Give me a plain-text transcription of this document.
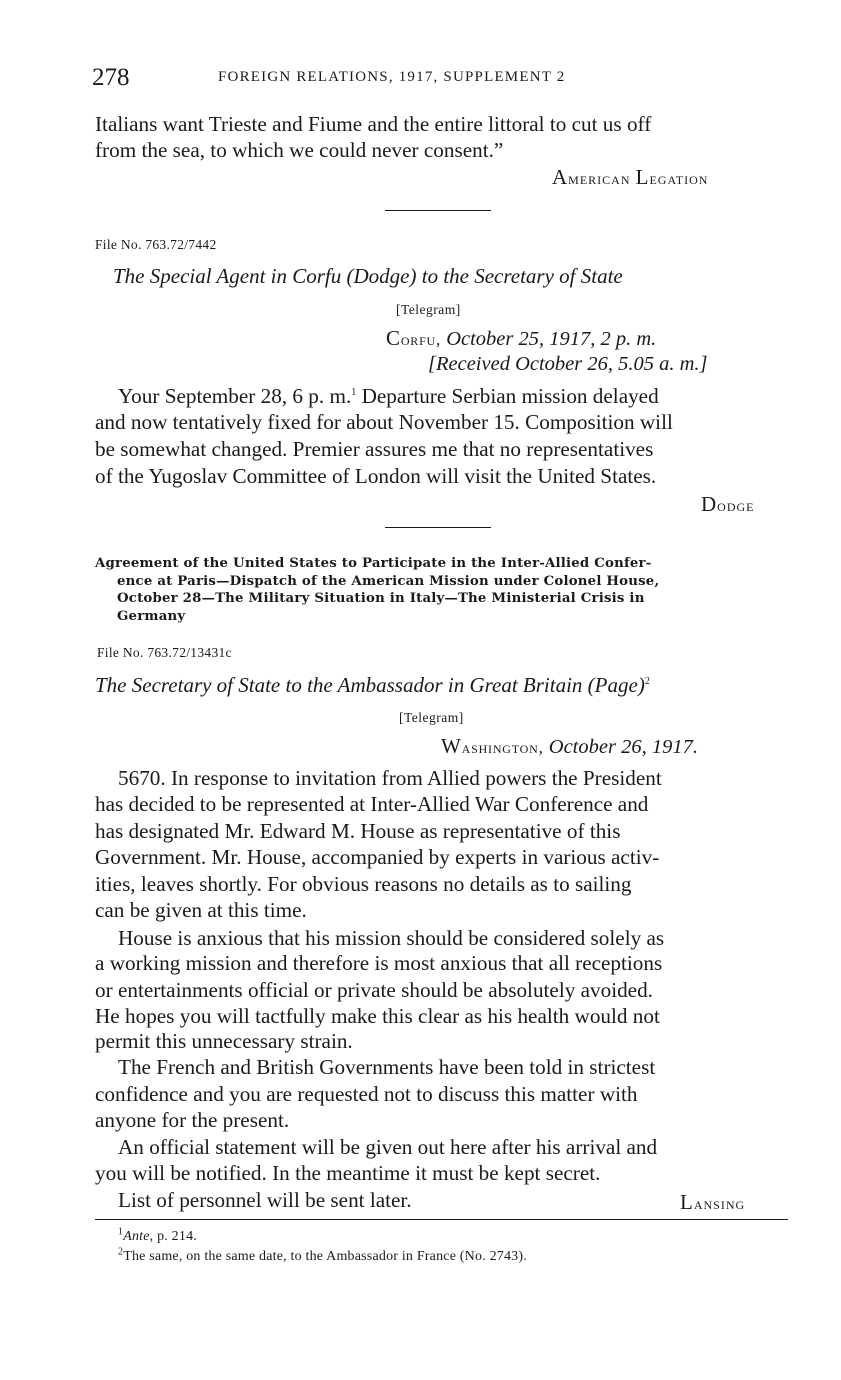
278	FOREIGN RELATIONS, 1917, SUPPLEMENT 2
Italians want Trieste and Fiume and the entire littoral to cut us off
from the sea, to which we could never consent.”
American Legation
File No. 763.72/7442
The Special Agent in Corfu (Dodge) to the Secretary of State
[Telegram]
Corfu, October 25, 1917, 2 p. m.
[Received October 26, 5.05 a. m.]
Your September 28, 6 p. m.$^1$ Departure Serbian mission delayed
and now tentatively fixed for about November 15. Composition will
be somewhat changed. Premier assures me that no representatives
of the Yugoslav Committee of London will visit the United States.
Dodge
Agreement of the United States to Participate in the Inter-Allied Confer-
ence at Paris—Dispatch of the American Mission under Colonel House,
October 28—The Military Situation in Italy—The Ministerial Crisis in
Germany
File No. 763.72/13431c
The Secretary of State to the Ambassador in Great Britain (Page)$^2$
[Telegram]
Washington, October 26, 1917.
5670. In response to invitation from Allied powers the President
has decided to be represented at Inter-Allied War Conference and
has designated Mr. Edward M. House as representative of this
Government. Mr. House, accompanied by experts in various activ-
ities, leaves shortly. For obvious reasons no details as to sailing
can be given at this time.
House is anxious that his mission should be considered solely as
a working mission and therefore is most anxious that all receptions
or entertainments official or private should be absolutely avoided.
He hopes you will tactfully make this clear as his health would not
permit this unnecessary strain.
The French and British Governments have been told in strictest
confidence and you are requested not to discuss this matter with
anyone for the present.
An official statement will be given out here after his arrival and
you will be notified. In the meantime it must be kept secret.
List of personnel will be sent later.	Lansing
$^1$Ante, p. 214.
$^2$The same, on the same date, to the Ambassador in France (No. 2743).
